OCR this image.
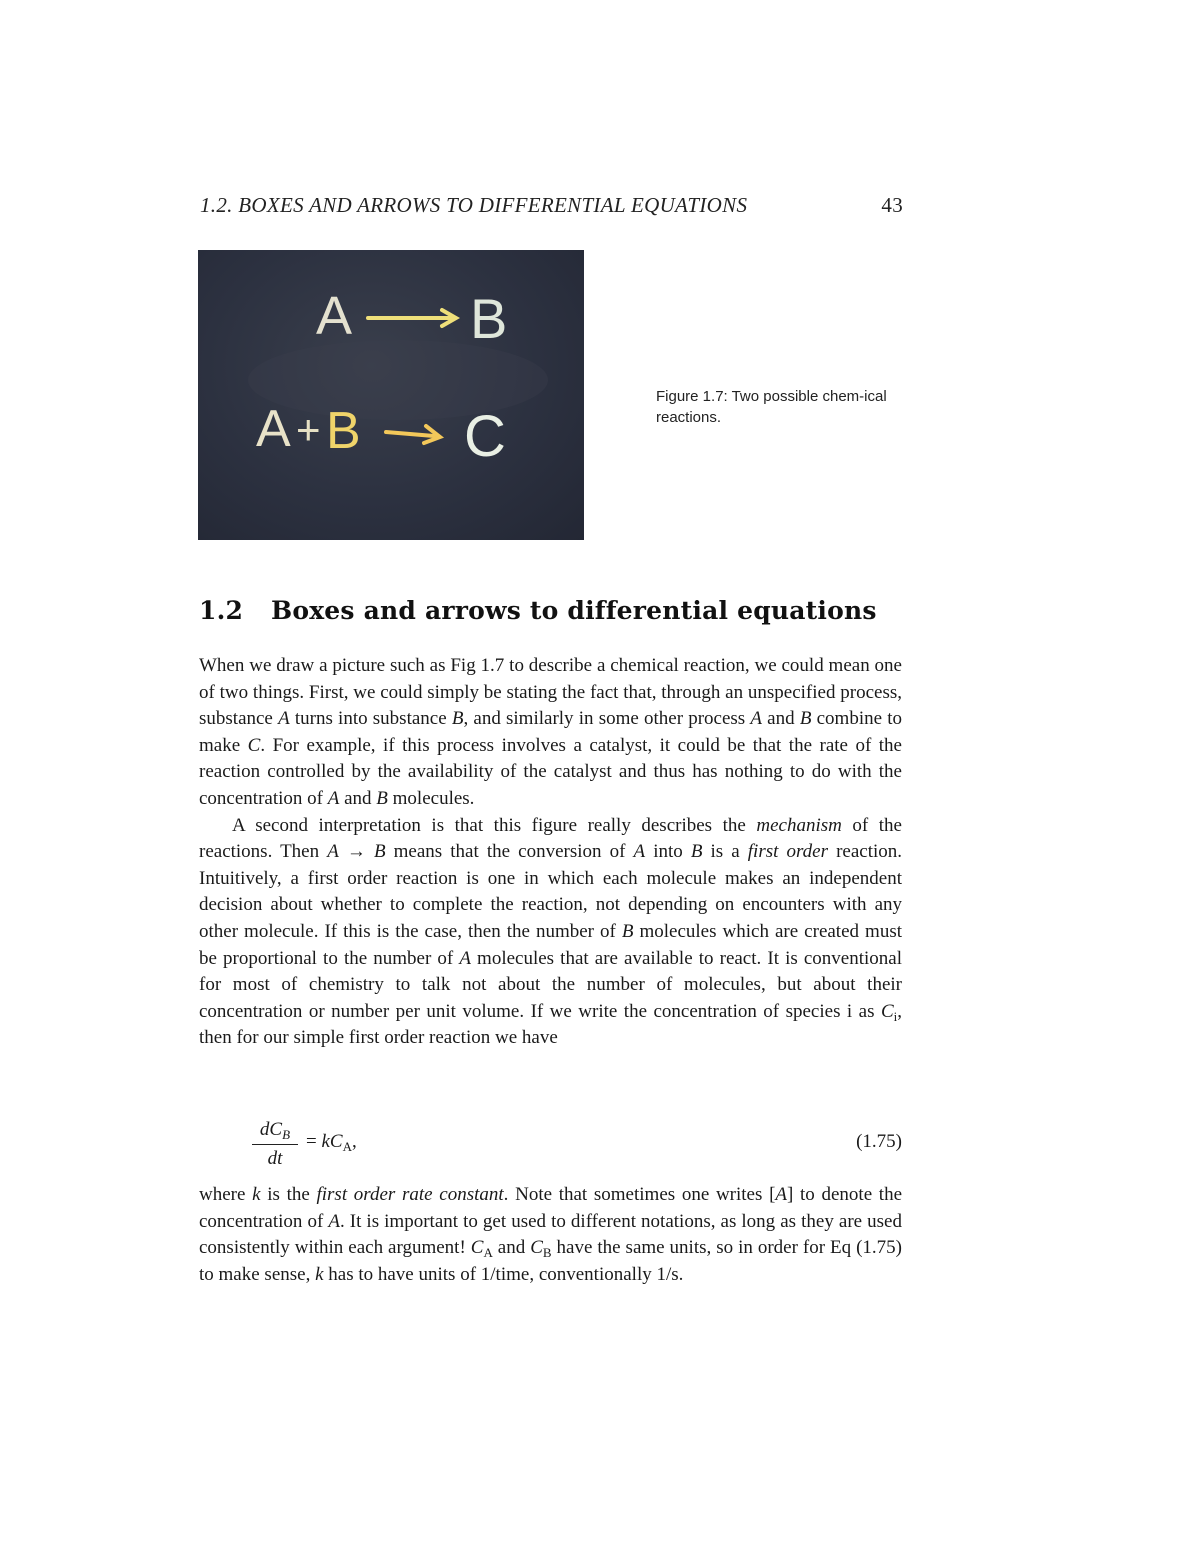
1.2. BOXES AND ARROWS TO DIFFERENTIAL EQUATIONS	43
A B
A + B C
Figure 1.7: Two possible chem-ical reactions.
1.2 Boxes and arrows to differential equations

When we draw a picture such as Fig 1.7 to describe a chemical reaction, we could mean one of two things. First, we could simply be stating the fact that, through an unspecified process, substance A turns into substance B, and similarly in some other process A and B combine to make C. For example, if this process involves a catalyst, it could be that the rate of the reaction controlled by the availability of the catalyst and thus has nothing to do with the concentration of A and B molecules.

A second interpretation is that this figure really describes the mechanism of the reactions. Then A → B means that the conversion of A into B is a first order reaction. Intuitively, a first order reaction is one in which each molecule makes an independent decision about whether to complete the reaction, not depending on encounters with any other molecule. If this is the case, then the number of B molecules which are created must be proportional to the number of A molecules that are available to react. It is conventional for most of chemistry to talk not about the number of molecules, but about their concentration or number per unit volume. If we write the concentration of species i as $C_i$, then for our simple first order reaction we have

$dC_B$
dt
= $kC_A$,	(1.75)

where k is the first order rate constant. Note that sometimes one writes [A] to denote the concentration of A. It is important to get used to different notations, as long as they are used consistently within each argument! $C_A$ and $C_B$ have the same units, so in order for Eq (1.75) to make sense, k has to have units of 1/time, conventionally 1/s.
